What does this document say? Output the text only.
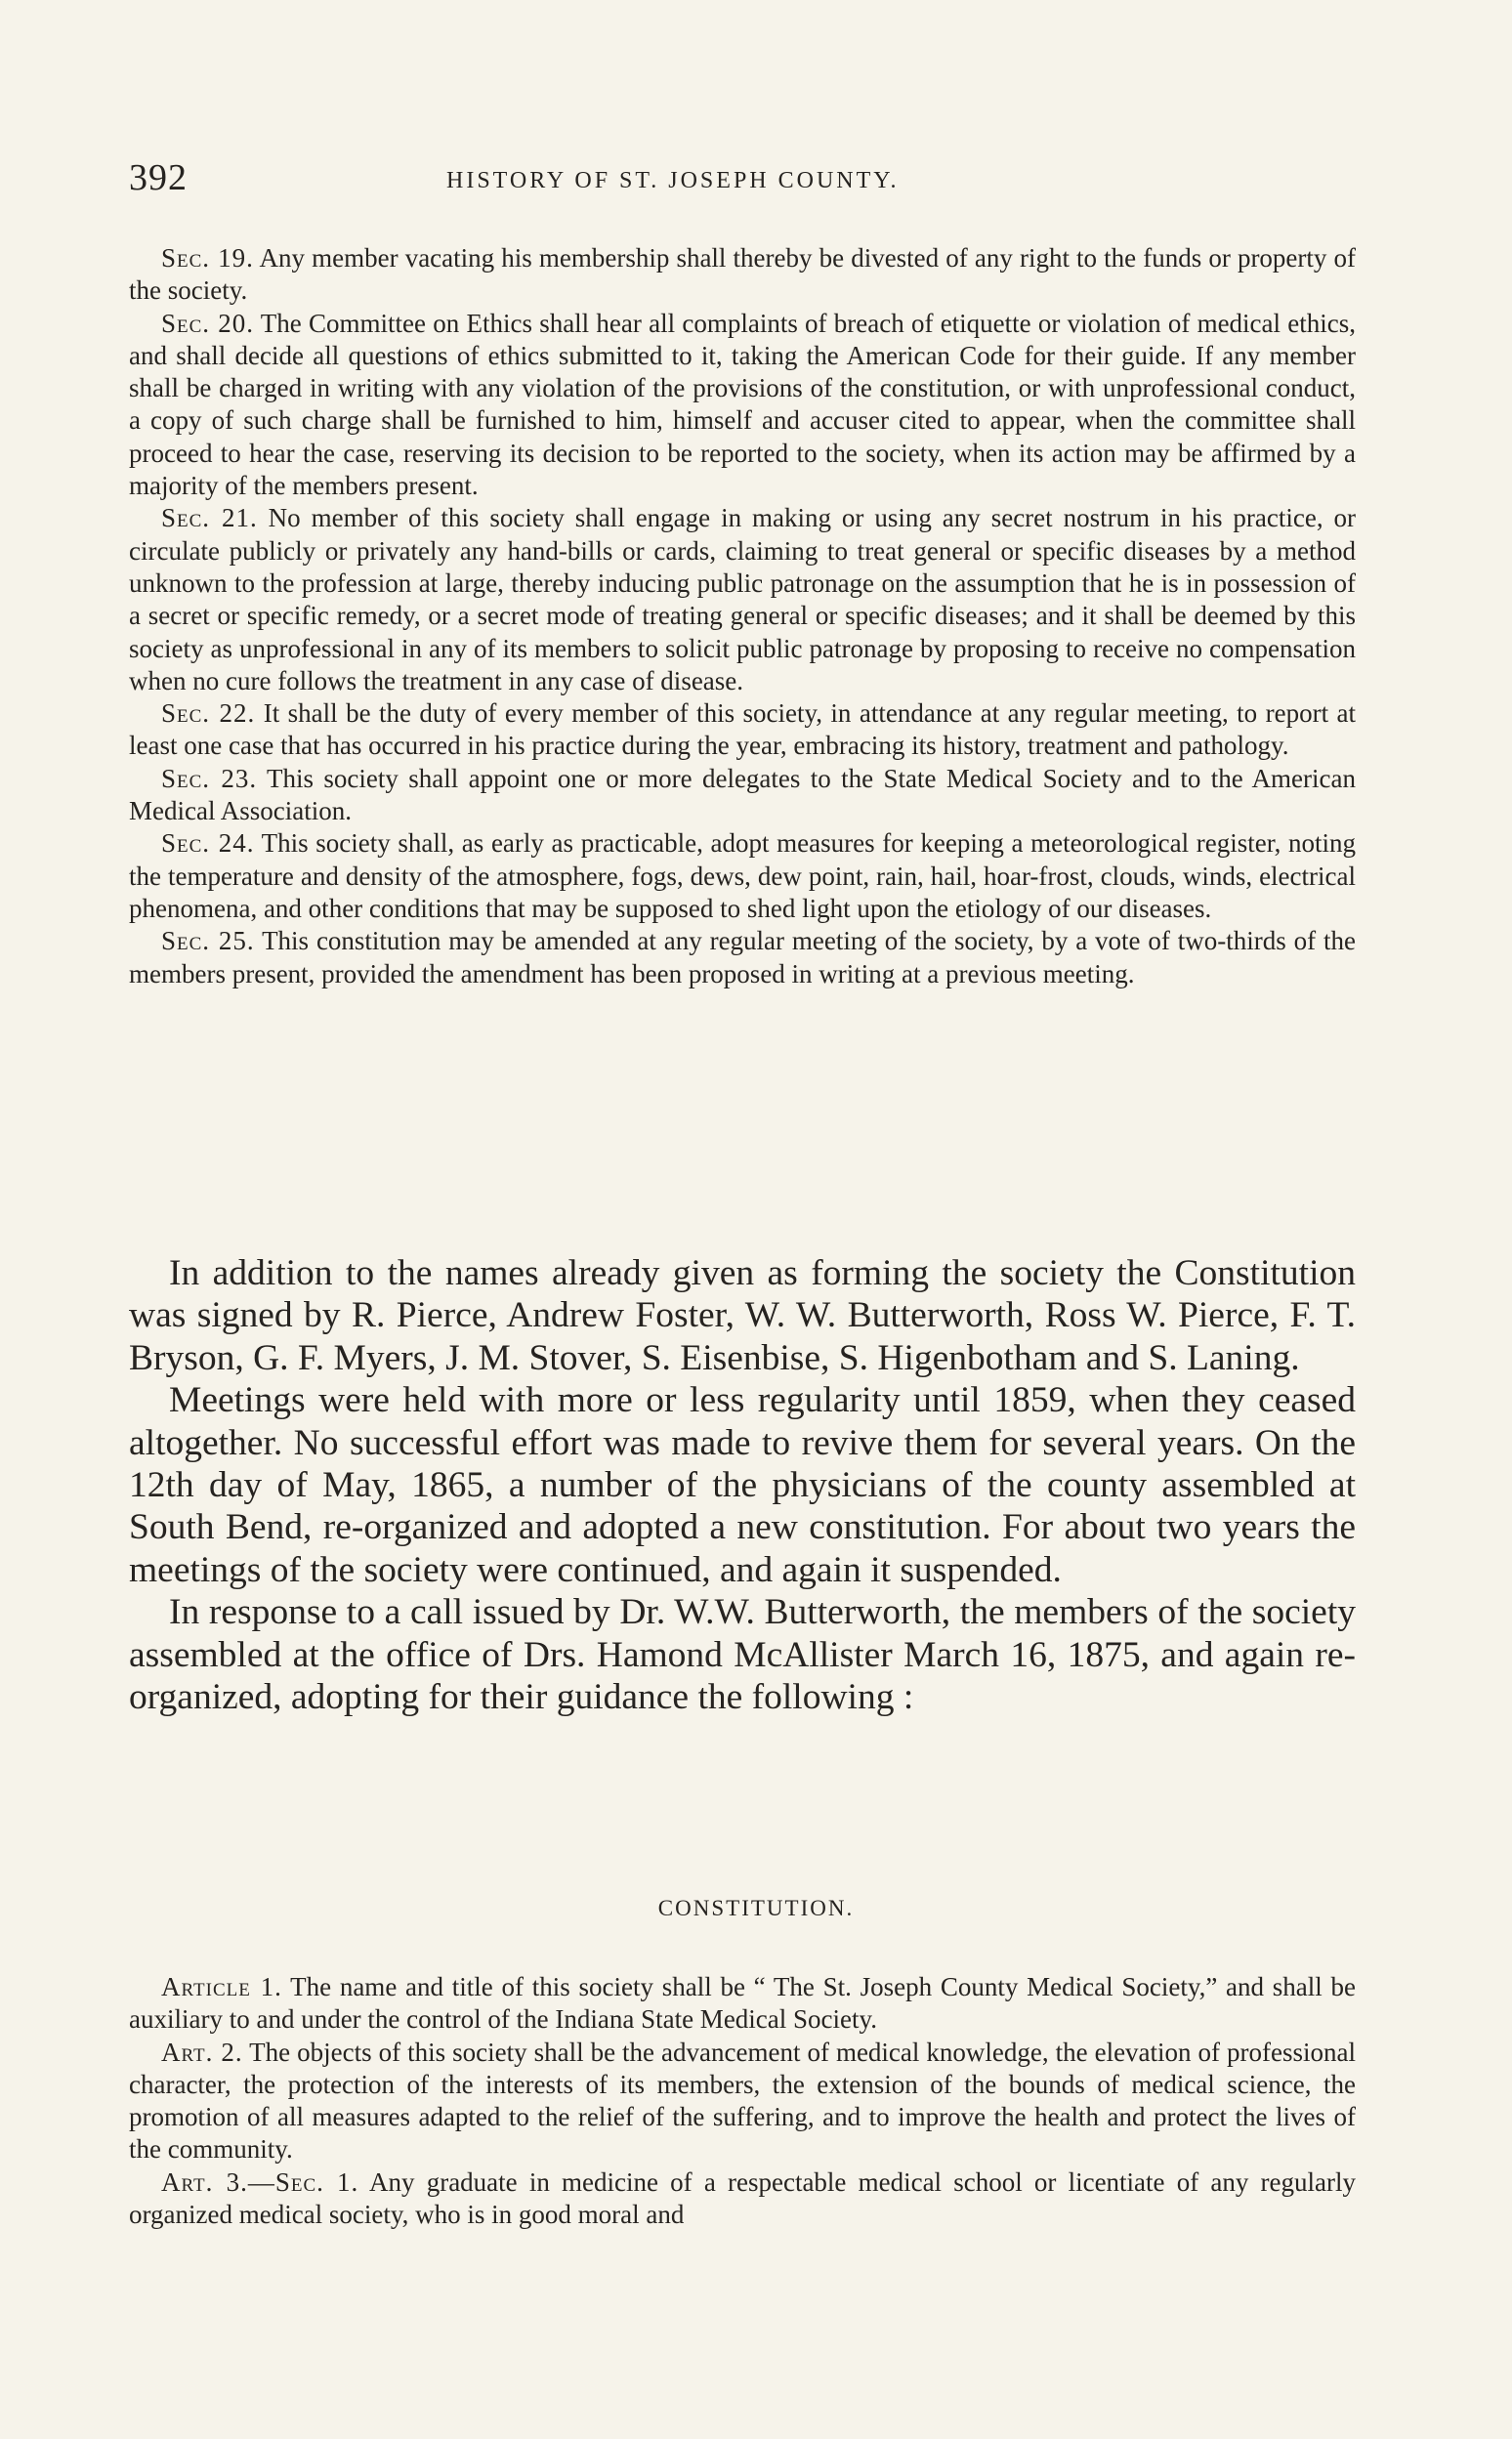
392	HISTORY OF ST. JOSEPH COUNTY.

Sec. 19. Any member vacating his membership shall thereby be divested of any right to the funds or property of the society.

Sec. 20. The Committee on Ethics shall hear all complaints of breach of etiquette or violation of medical ethics, and shall decide all questions of ethics submitted to it, taking the American Code for their guide. If any member shall be charged in writing with any violation of the provisions of the constitution, or with unprofessional conduct, a copy of such charge shall be furnished to him, himself and accuser cited to appear, when the committee shall proceed to hear the case, reserving its decision to be reported to the society, when its action may be affirmed by a majority of the members present.

Sec. 21. No member of this society shall engage in making or using any secret nostrum in his practice, or circulate publicly or privately any hand-bills or cards, claiming to treat general or specific diseases by a method unknown to the profession at large, thereby inducing public patronage on the assumption that he is in possession of a secret or specific remedy, or a secret mode of treating general or specific diseases; and it shall be deemed by this society as unprofessional in any of its members to solicit public patronage by proposing to receive no compensation when no cure follows the treatment in any case of disease.

Sec. 22. It shall be the duty of every member of this society, in attendance at any regular meeting, to report at least one case that has occurred in his practice during the year, embracing its history, treatment and pathology.

Sec. 23. This society shall appoint one or more delegates to the State Medical Society and to the American Medical Association.

Sec. 24. This society shall, as early as practicable, adopt measures for keeping a meteorological register, noting the temperature and density of the atmosphere, fogs, dews, dew point, rain, hail, hoar-frost, clouds, winds, electrical phenomena, and other conditions that may be supposed to shed light upon the etiology of our diseases.

Sec. 25. This constitution may be amended at any regular meeting of the society, by a vote of two-thirds of the members present, provided the amendment has been proposed in writing at a previous meeting.

In addition to the names already given as forming the society the Constitution was signed by R. Pierce, Andrew Foster, W. W. Butterworth, Ross W. Pierce, F. T. Bryson, G. F. Myers, J. M. Stover, S. Eisenbise, S. Higenbotham and S. Laning.

Meetings were held with more or less regularity until 1859, when they ceased altogether. No successful effort was made to revive them for several years. On the 12th day of May, 1865, a number of the physicians of the county assembled at South Bend, re-organized and adopted a new constitution. For about two years the meetings of the society were continued, and again it suspended.

In response to a call issued by Dr. W.W. Butterworth, the members of the society assembled at the office of Drs. Hamond McAllister March 16, 1875, and again re-organized, adopting for their guidance the following :

CONSTITUTION.

Article 1. The name and title of this society shall be “ The St. Joseph County Medical Society,” and shall be auxiliary to and under the control of the Indiana State Medical Society.

Art. 2. The objects of this society shall be the advancement of medical knowledge, the elevation of professional character, the protection of the interests of its members, the extension of the bounds of medical science, the promotion of all measures adapted to the relief of the suffering, and to improve the health and protect the lives of the community.

Art. 3.—Sec. 1. Any graduate in medicine of a respectable medical school or licentiate of any regularly organized medical society, who is in good moral and
